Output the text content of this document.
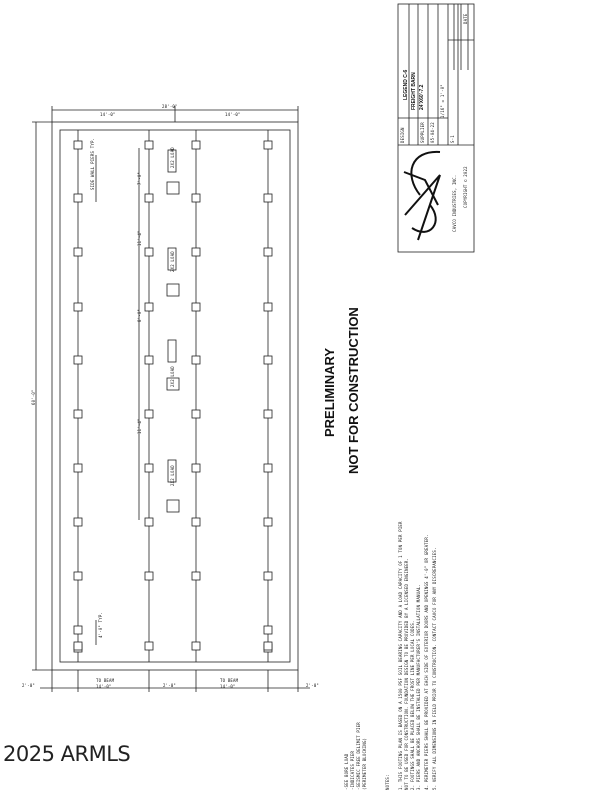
LEGEND C-6 FREIGHT BARN 24'X60'-7.2
DESIGN	SUPPLIER 05-04-22
1/16" = 1'-0"
S-1
DATE
CAVCO INDUSTRIES, INC. COPYRIGHT © 2022
PRELIMINARY NOT FOR CONSTRUCTION
60'-0"
28'-0"
14'-0"	14'-0"
2'-0"
TO BEAM
14'-0"	2'-0"
TO BEAM
14'-0"	2'-0"
7'-0"
11'-4"
8'-0"
11'-4"
2X2 LOAD
2X2 LOAD
2X2 LOAD
2X2 LOAD
SIDE WALL PIERS TYP.
4'-0" TYP.
-SEE BORE LOAD -INDICATES PIER -SEISMIC FREE DELIMIT PIER (PERIMETER BLOCKING)	NOTES: 1. THIS FOOTING PLAN IS BASED ON A 1500 PSF SOIL BEARING CAPACITY AND A LOAD CAPACITY OF 1 TON PER PIER NOT TO BE USED FOR CONSTRUCTION. FOUNDATION DESIGN TO BE PROVIDED BY A LICENSED ENGINEER. 2. FOOTINGS SHALL BE PLACED BELOW THE FROST LINE PER LOCAL CODES. 3. PIERS AND ANCHORS SHALL BE INSTALLED PER MANUFACTURER'S INSTALLATION MANUAL. 4. PERIMETER PIERS SHALL BE PROVIDED AT EACH SIDE OF EXTERIOR DOORS AND OPENINGS 4'-0" OR GREATER. 5. VERIFY ALL DIMENSIONS IN FIELD PRIOR TO CONSTRUCTION. CONTACT CAVCO FOR ANY DISCREPANCIES.
2025 ARMLS
